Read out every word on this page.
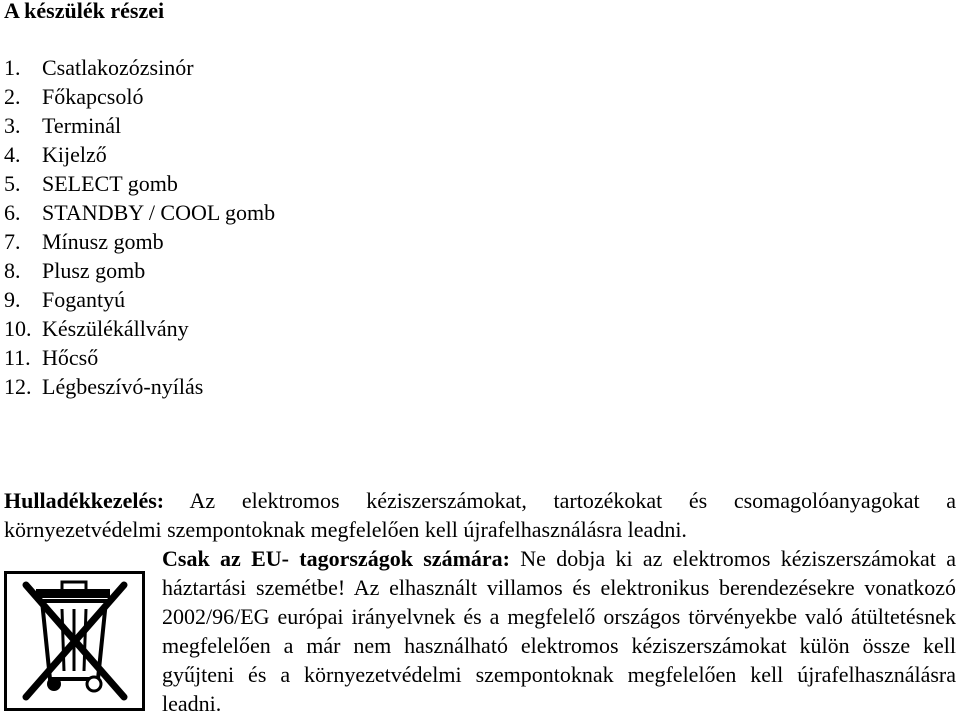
A készülék részei
1. Csatlakozózsinór
2. Főkapcsoló
3. Terminál
4. Kijelző
5. SELECT gomb
6. STANDBY / COOL gomb
7. Mínusz gomb
8. Plusz gomb
9. Fogantyú
10. Készülékállvány
11. Hőcső
12. Légbeszívó-nyílás

Hulladékkezelés: Az elektromos kéziszerszámokat, tartozékokat és csomagolóanyagokat a környezetvédelmi szempontoknak megfelelően kell újrafelhasználásra leadni.

Csak az EU- tagországok számára: Ne dobja ki az elektromos kéziszerszámokat a háztartási szemétbe! Az elhasznált villamos és elektronikus berendezésekre vonatkozó 2002/96/EG európai irányelvnek és a megfelelő országos törvényekbe való átültetésnek megfelelően a már nem használható elektromos kéziszerszámokat külön össze kell gyűjteni és a környezetvédelmi szempontoknak megfelelően kell újrafelhasználásra leadni.
